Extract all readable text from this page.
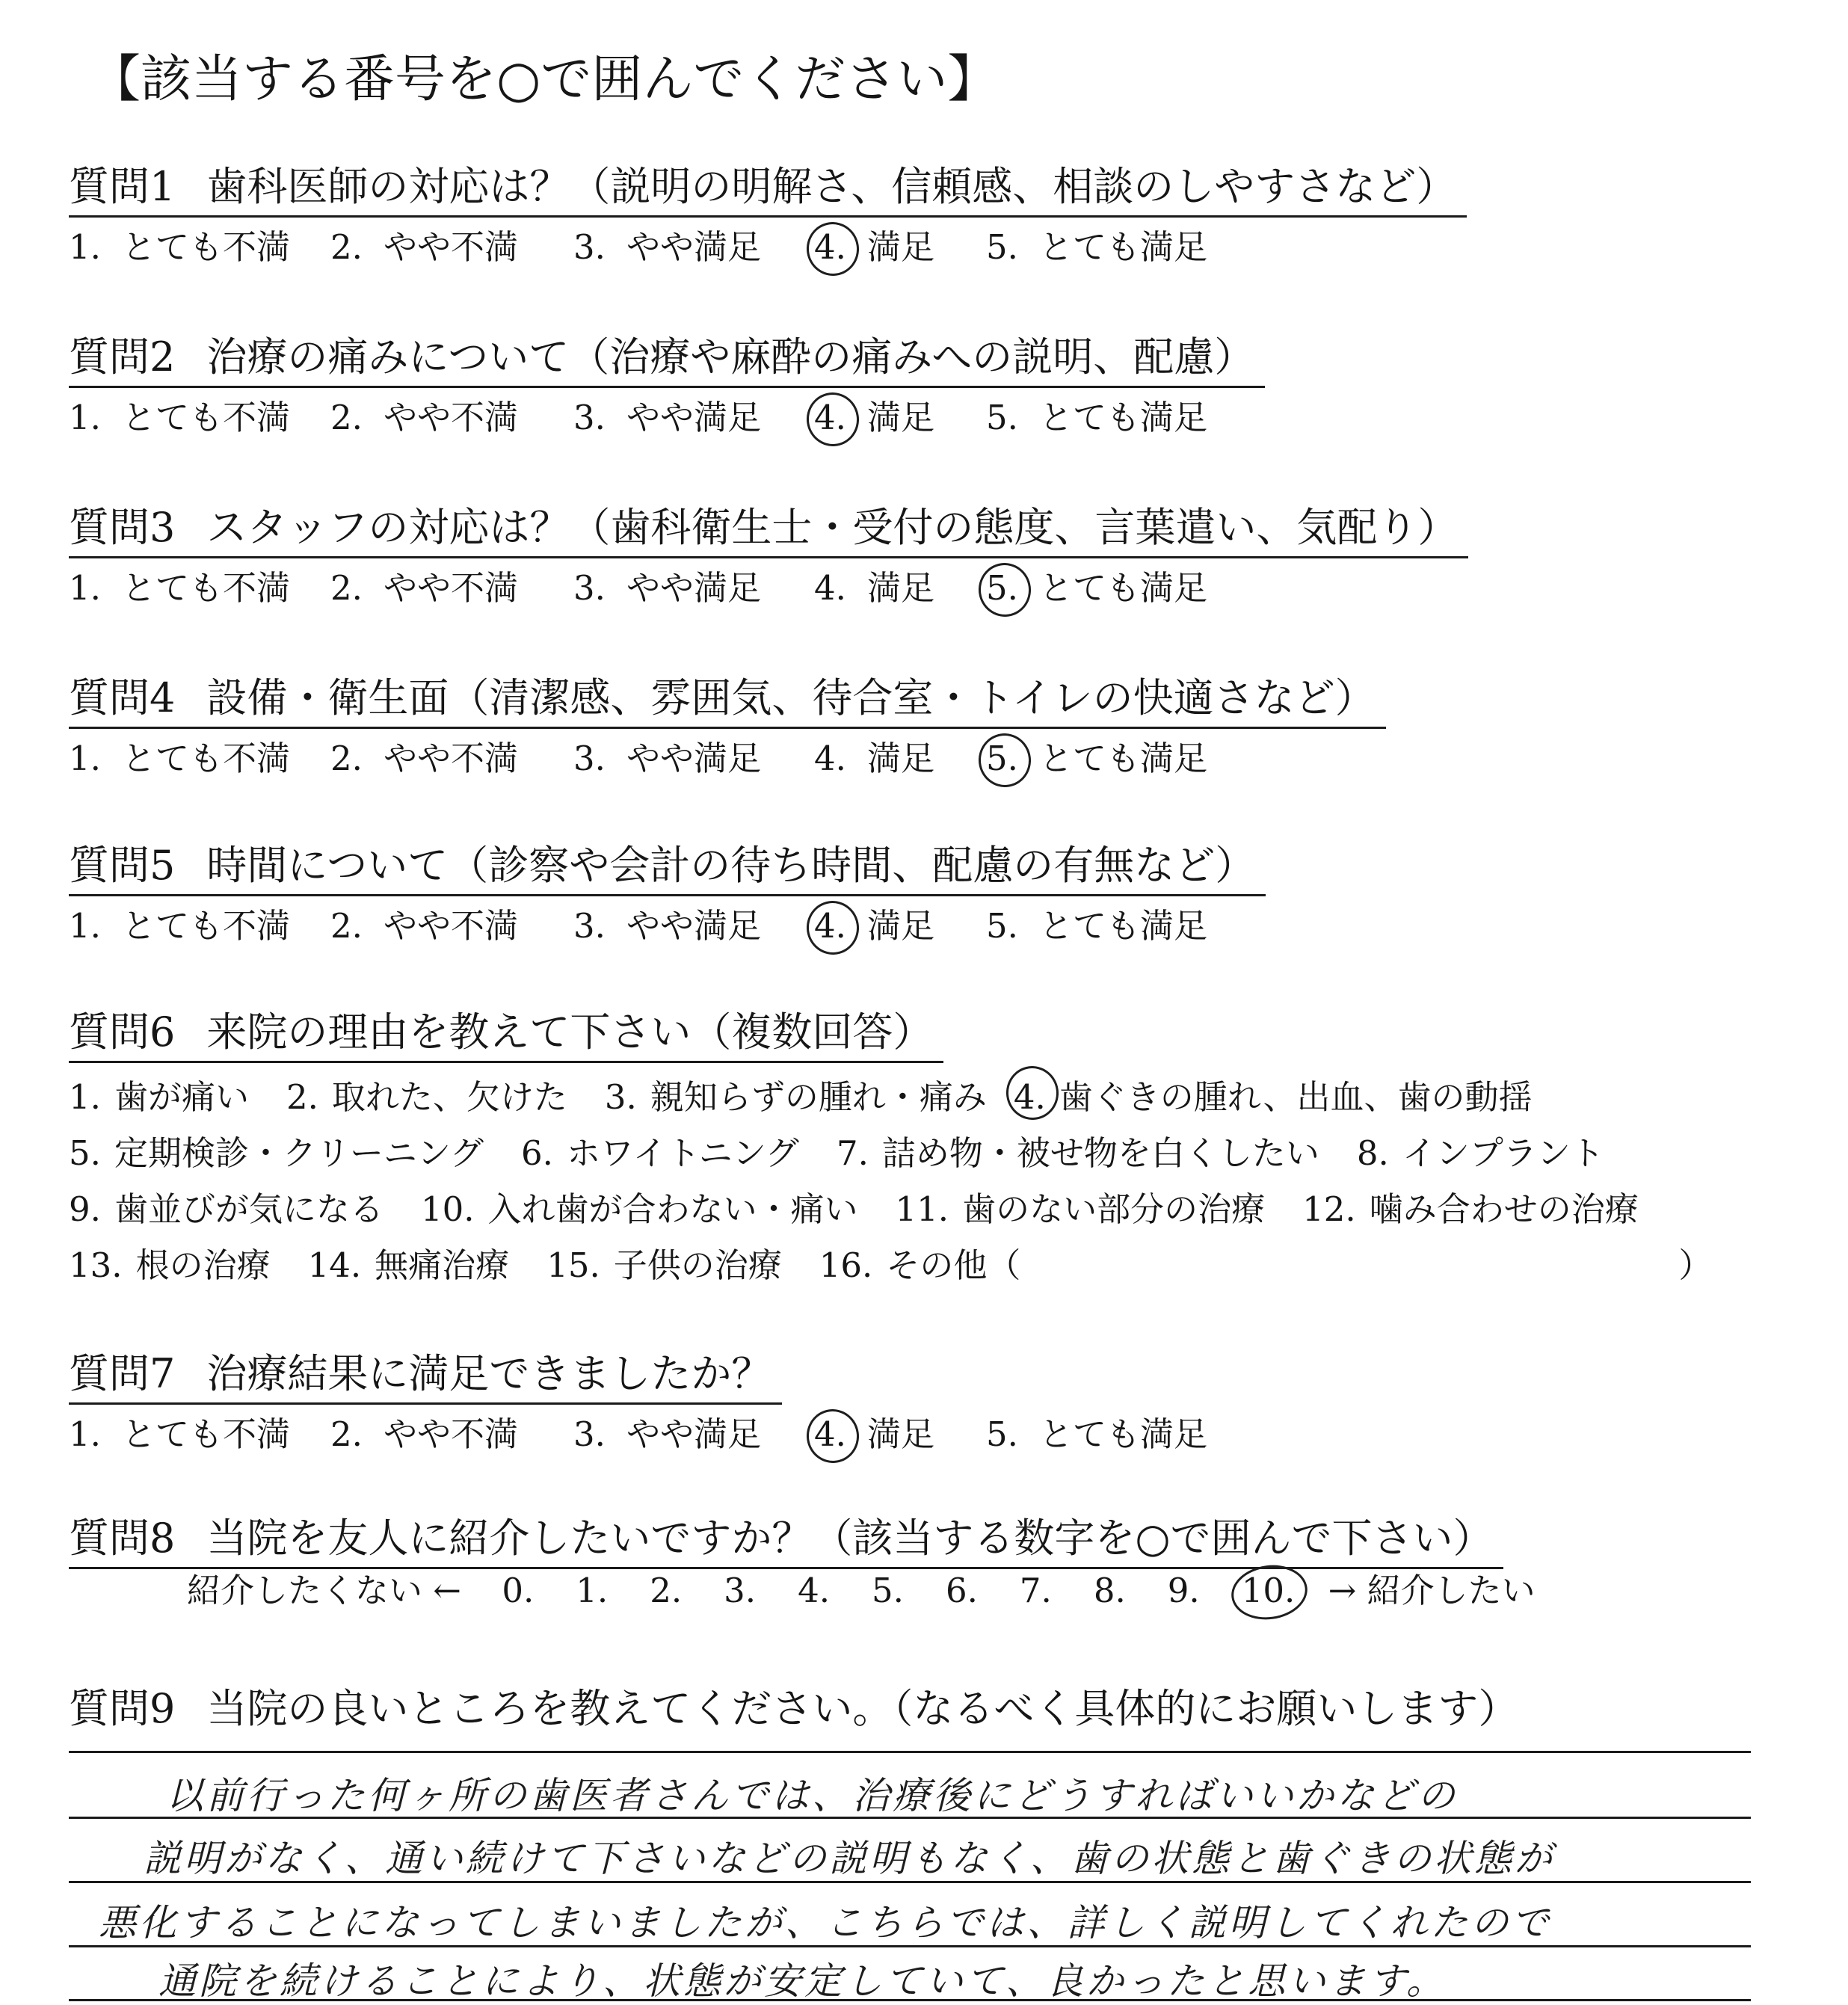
【該当する番号を○で囲んでください】
質問1 歯科医師の対応は？（説明の明解さ、信頼感、相談のしやすさなど）
1. とても不満 2. やや不満 3. やや満足 4. 満足 5. とても満足
質問2 治療の痛みについて（治療や麻酔の痛みへの説明、配慮）
1. とても不満 2. やや不満 3. やや満足 4. 満足 5. とても満足
質問3 スタッフの対応は？（歯科衛生士・受付の態度、言葉遣い、気配り）
1. とても不満 2. やや不満 3. やや満足 4. 満足 5. とても満足
質問4 設備・衛生面（清潔感、雰囲気、待合室・トイレの快適さなど）
1. とても不満 2. やや不満 3. やや満足 4. 満足 5. とても満足
質問5 時間について（診察や会計の待ち時間、配慮の有無など）
1. とても不満 2. やや不満 3. やや満足 4. 満足 5. とても満足
質問6 来院の理由を教えて下さい（複数回答）
1. 歯が痛い 2. 取れた、欠けた 3. 親知らずの腫れ・痛み 4. 歯ぐきの腫れ、出血、歯の動揺
5. 定期検診・クリーニング 6. ホワイトニング 7. 詰め物・被せ物を白くしたい 8. インプラント
9. 歯並びが気になる 10. 入れ歯が合わない・痛い 11. 歯のない部分の治療 12. 噛み合わせの治療
13. 根の治療 14. 無痛治療 15. 子供の治療 16. その他（	）
質問7 治療結果に満足できましたか？
1. とても不満 2. やや不満 3. やや満足 4. 満足 5. とても満足
質問8 当院を友人に紹介したいですか？（該当する数字を○で囲んで下さい）
紹介したくない ← 0. 1. 2. 3. 4. 5. 6. 7. 8. 9. 10. → 紹介したい
質問9 当院の良いところを教えてください。（なるべく具体的にお願いします）
以前行った何ヶ所の歯医者さんでは、治療後にどうすればいいかなどの
説明がなく、通い続けて下さいなどの説明もなく、歯の状態と歯ぐきの状態が
悪化することになってしまいましたが、こちらでは、詳しく説明してくれたので
通院を続けることにより、状態が安定していて、良かったと思います。
